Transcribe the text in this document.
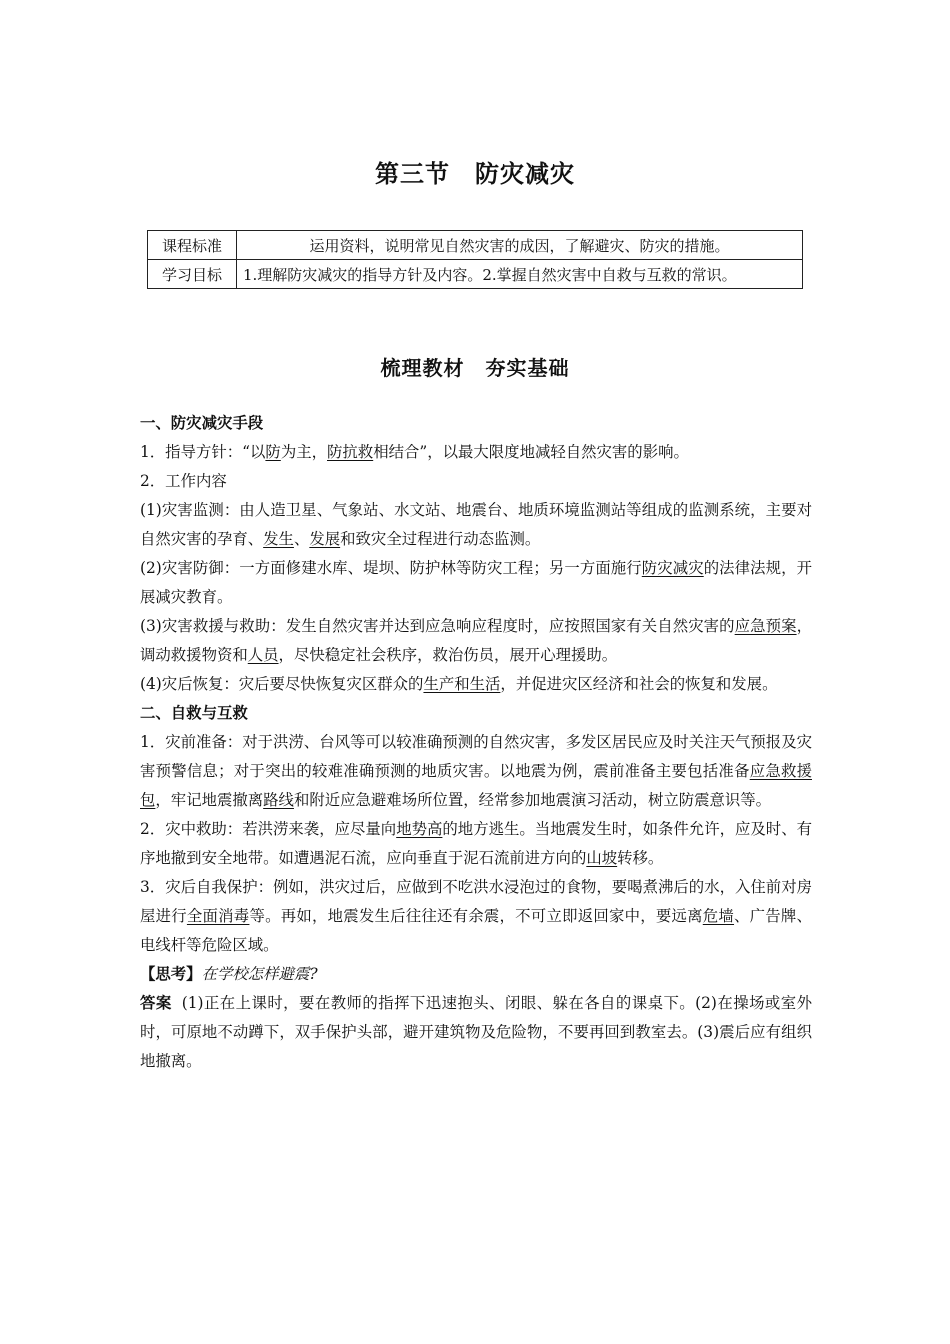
第三节　防灾减灾
课程标准	运用资料，说明常见自然灾害的成因，了解避灾、防灾的措施。
学习目标	1.理解防灾减灾的指导方针及内容。2.掌握自然灾害中自救与互救的常识。
梳理教材　夯实基础

一、防灾减灾手段

1．指导方针：“以防为主，防抗救相结合”，以最大限度地减轻自然灾害的影响。

2．工作内容

(1)灾害监测：由人造卫星、气象站、水文站、地震台、地质环境监测站等组成的监测系统，主要对自然灾害的孕育、发生、发展和致灾全过程进行动态监测。

(2)灾害防御：一方面修建水库、堤坝、防护林等防灾工程；另一方面施行防灾减灾的法律法规，开展减灾教育。

(3)灾害救援与救助：发生自然灾害并达到应急响应程度时，应按照国家有关自然灾害的应急预案，调动救援物资和人员，尽快稳定社会秩序，救治伤员，展开心理援助。

(4)灾后恢复：灾后要尽快恢复灾区群众的生产和生活，并促进灾区经济和社会的恢复和发展。

二、自救与互救

1．灾前准备：对于洪涝、台风等可以较准确预测的自然灾害，多发区居民应及时关注天气预报及灾害预警信息；对于突出的较难准确预测的地质灾害。以地震为例，震前准备主要包括准备应急救援包，牢记地震撤离路线和附近应急避难场所位置，经常参加地震演习活动，树立防震意识等。

2．灾中救助：若洪涝来袭，应尽量向地势高的地方逃生。当地震发生时，如条件允许，应及时、有序地撤到安全地带。如遭遇泥石流，应向垂直于泥石流前进方向的山坡转移。

3．灾后自我保护：例如，洪灾过后，应做到不吃洪水浸泡过的食物，要喝煮沸后的水，入住前对房屋进行全面消毒等。再如，地震发生后往往还有余震，不可立即返回家中，要远离危墙、广告牌、电线杆等危险区域。

【思考】在学校怎样避震?

答案 (1)正在上课时，要在教师的指挥下迅速抱头、闭眼、躲在各自的课桌下。(2)在操场或室外时，可原地不动蹲下，双手保护头部，避开建筑物及危险物，不要再回到教室去。(3)震后应有组织地撤离。
